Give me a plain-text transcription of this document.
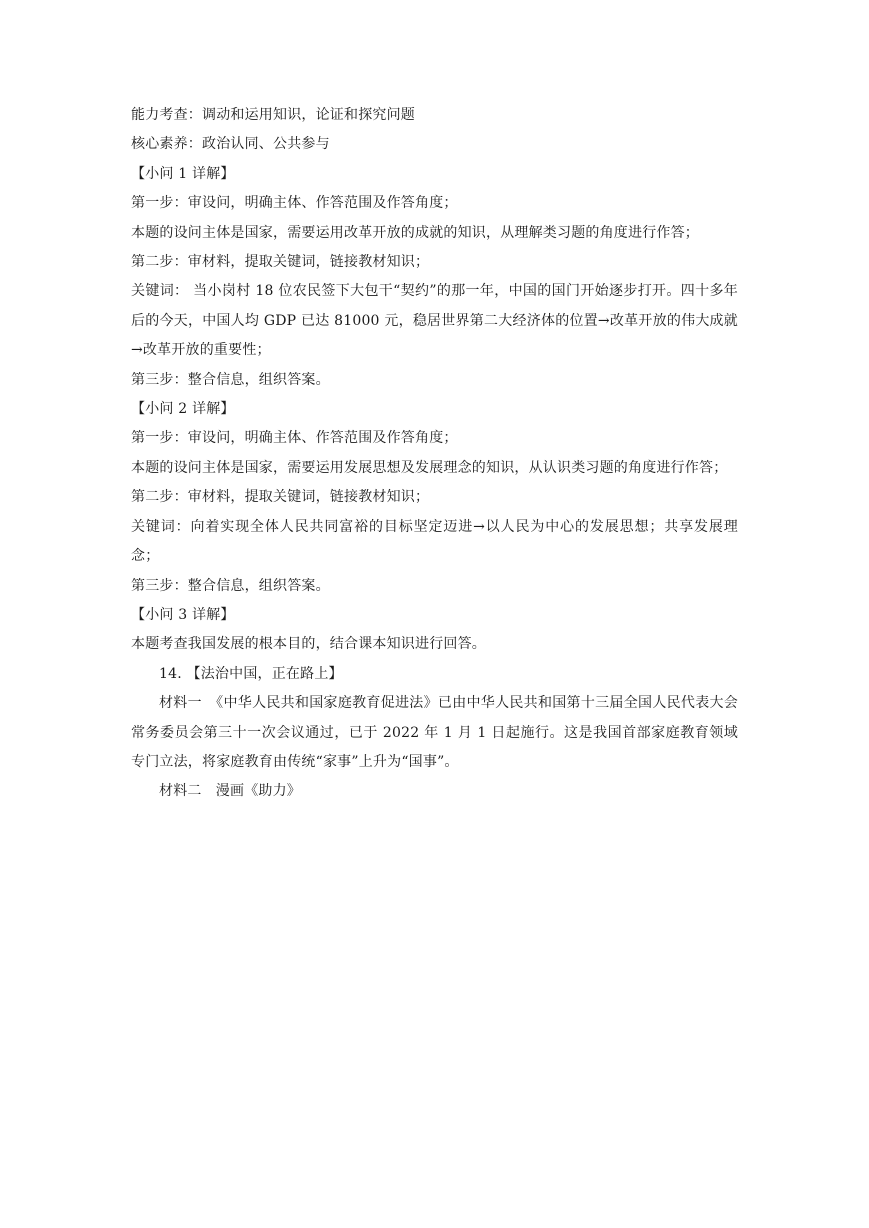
能力考查：调动和运用知识，论证和探究问题

核心素养：政治认同、公共参与

【小问 1 详解】

第一步：审设问，明确主体、作答范围及作答角度；

本题的设问主体是国家，需要运用改革开放的成就的知识，从理解类习题的角度进行作答；

第二步：审材料，提取关键词，链接教材知识；

关键词： 当小岗村 18 位农民签下大包干“契约”的那一年，中国的国门开始逐步打开。四十多年后的今天，中国人均 GDP 已达 81000 元，稳居世界第二大经济体的位置→改革开放的伟大成就→改革开放的重要性；

第三步：整合信息，组织答案。

【小问 2 详解】

第一步：审设问，明确主体、作答范围及作答角度；

本题的设问主体是国家，需要运用发展思想及发展理念的知识，从认识类习题的角度进行作答；

第二步：审材料，提取关键词，链接教材知识；

关键词：向着实现全体人民共同富裕的目标坚定迈进→以人民为中心的发展思想；共享发展理念；

第三步：整合信息，组织答案。

【小问 3 详解】

本题考查我国发展的根本目的，结合课本知识进行回答。

14. 【法治中国，正在路上】

材料一　《中华人民共和国家庭教育促进法》已由中华人民共和国第十三届全国人民代表大会常务委员会第三十一次会议通过，已于 2022 年 1 月 1 日起施行。这是我国首部家庭教育领域专门立法，将家庭教育由传统“家事”上升为“国事”。

材料二　漫画《助力》
